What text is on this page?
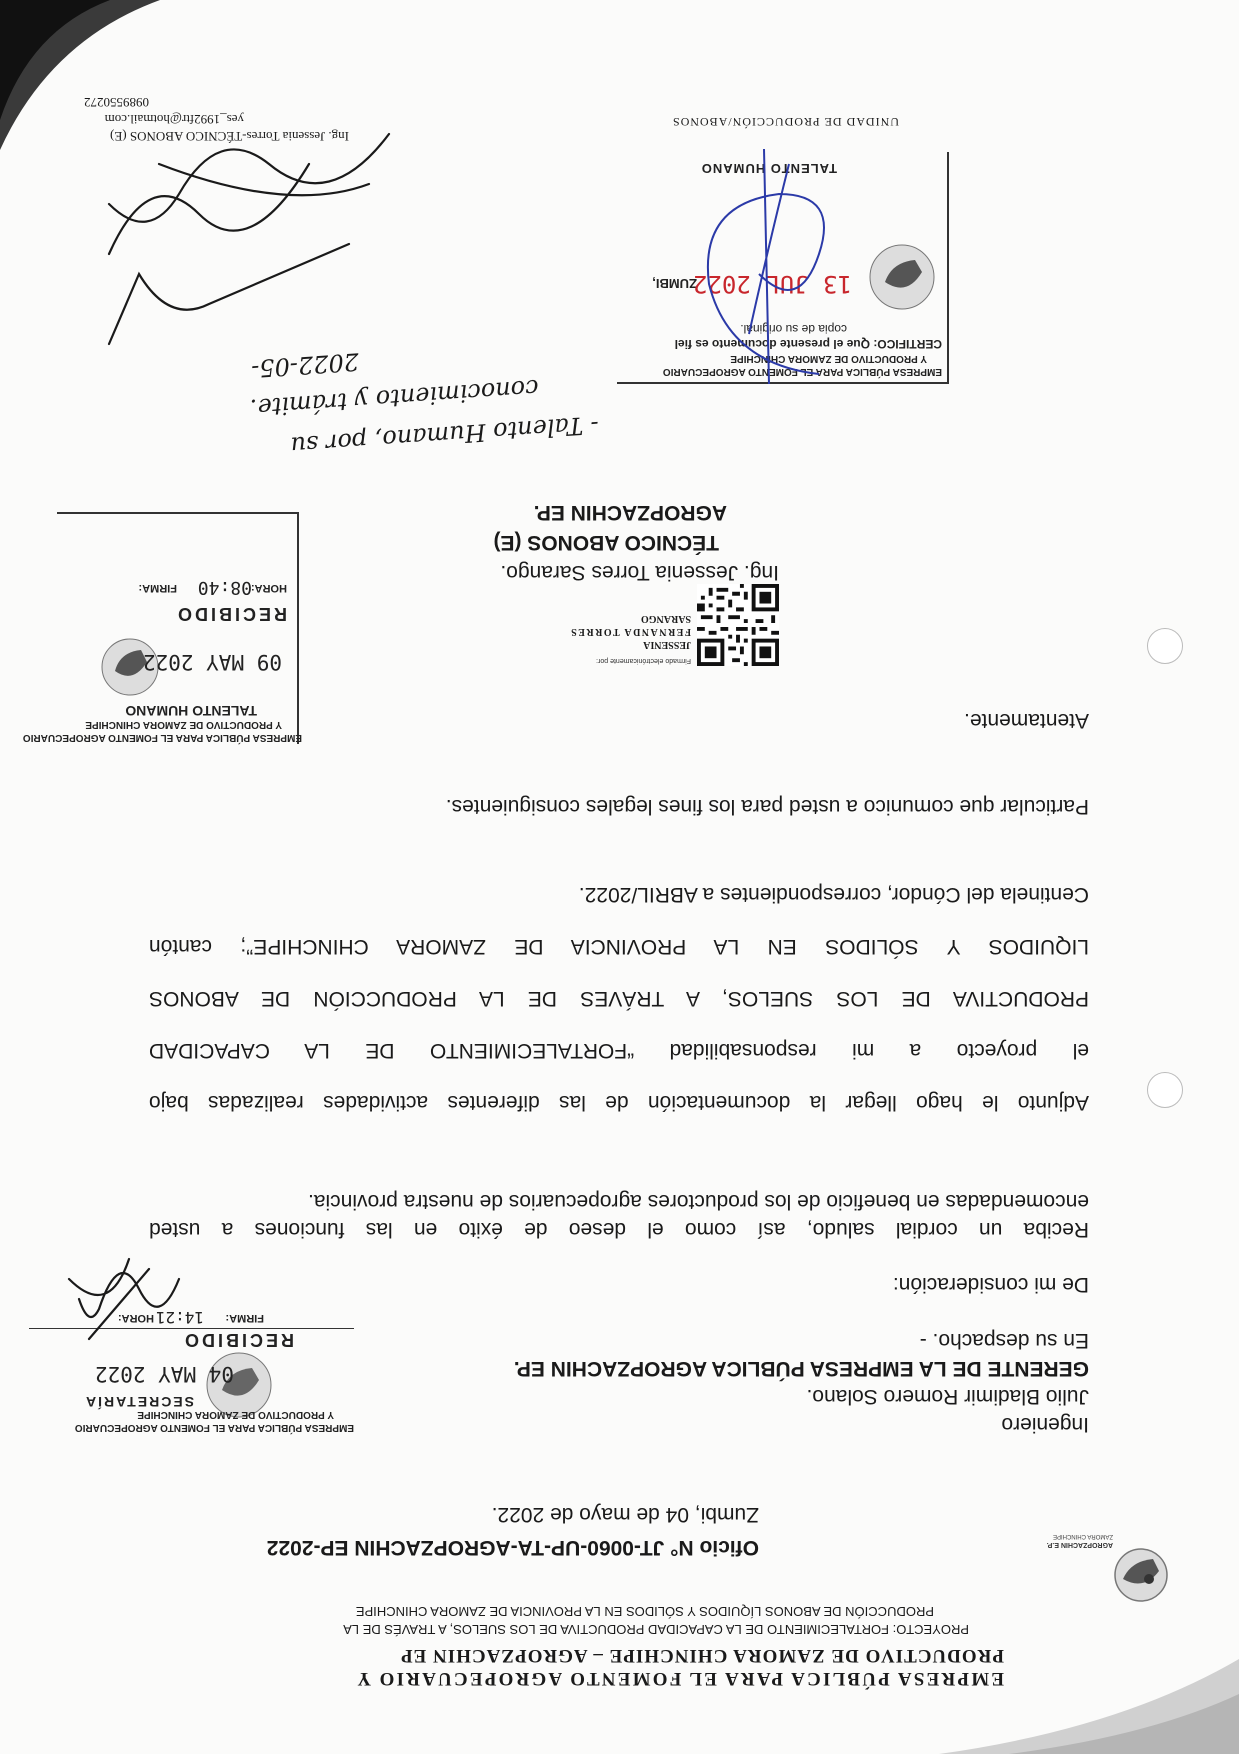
AGROPZACHIN E.P.
ZAMORA CHINCHIPE
EMPRESA PÚBLICA PARA EL FOMENTO AGROPECUARIO Y
PRODUCTIVO DE ZAMORA CHINCHIPE – AGROPZACHIN EP
PROYECTO: FORTALECIMIENTO DE LA CAPACIDAD PRODUCTIVA DE LOS SUELOS, A TRAVÉS DE LA
PRODUCCIÓN DE ABONOS LÍQUIDOS Y SÓLIDOS EN LA PROVINCIA DE ZAMORA CHINCHIPE
Oficio N° JT-0060-UP-TA-AGROPZACHIN EP-2022
Zumbi, 04 de mayo de 2022.
Ingeniero
Julio Bladimir Romero Solano.
GERENTE DE LA EMPRESA PÚBLICA AGROPZACHIN EP.
En su despacho. -
De mi consideración:
Reciba un cordial saludo, así como el deseo de éxito en las funciones a usted
encomendadas en beneficio de los productores agropecuarios de nuestra provincia.
Adjunto le hago llegar la documentación de las diferentes actividades realizadas bajo
el proyecto a mi responsabilidad “FORTALECIMIENTO DE LA CAPACIDAD
PRODUCTIVA DE LOS SUELOS, A TRÁVES DE LA PRODUCCIÓN DE ABONOS
LIQUIDOS Y SÓLIDOS EN LA PROVINCIA DE ZAMORA CHINCHIPE”; cantón
Centinela del Cóndor, correspondientes a ABRIL/2022.
Particular que comunico a usted para los fines legales consiguientes.
Atentamente.
Firmado electrónicamente por:
JESSENIA
FERNANDA TORRES
SARANGO
Ing. Jessenia Torres Sarango.
TÉCNICO ABONOS (E)
AGROPZACHIN EP.
EMPRESA PÚBLICA PARA EL FOMENTO AGROPECUARIO
Y PRODUCTIVO DE ZAMORA CHINCHIPE
SECRETARÍA
04 MAY 2022
RECIBIDO
HORA: 14:21 FIRMA:
EMPRESA PÚBLICA PARA EL FOMENTO AGROPECUARIO
Y PRODUCTIVO DE ZAMORA CHINCHIPE
TALENTO HUMANO
09 MAY 2022
RECIBIDO
HORA:
08:40
FIRMA:
- Talento Humano, por su
conocimiento y trámite.
2022-05-	EMPRESA PÚBLICA PARA EL FOMENTO AGROPECUARIO
Y PRODUCTIVO DE ZAMORA CHINCHIPE
CERTIFICO: Que el presente documento es fiel
copia de su original.
ZUMBI,
13 JUL 2022
TALENTO HUMANO
UNIDAD DE PRODUCCIÓN/ABONOS
Ing. Jessenia Torres-TÉCNICO ABONOS (E)
yes_1992ftr@hotmail.com
0989550272
